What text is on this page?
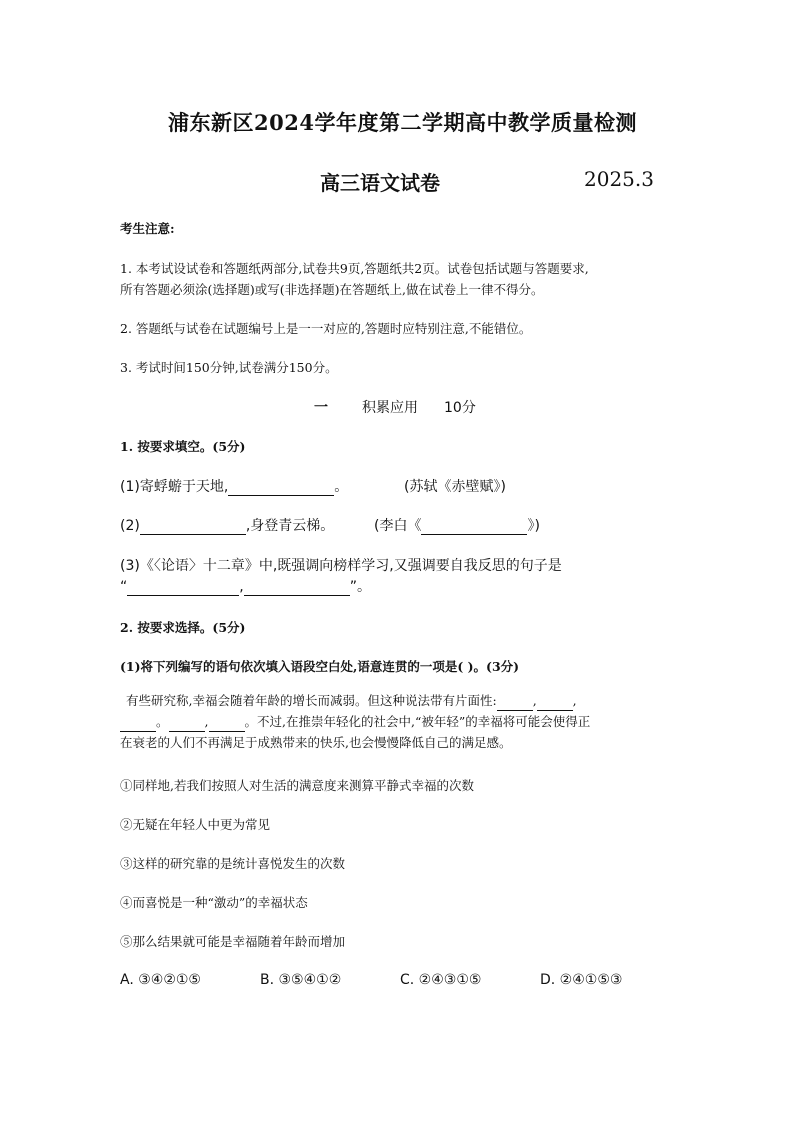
浦东新区2024学年度第二学期高中教学质量检测
高三语文试卷	2025.3
考生注意:
1. 本考试设试卷和答题纸两部分,试卷共9页,答题纸共2页。试卷包括试题与答题要求,
所有答题必须涂(选择题)或写(非选择题)在答题纸上,做在试卷上一律不得分。
2. 答题纸与试卷在试题编号上是一一对应的,答题时应特别注意,不能错位。
3. 考试时间150分钟,试卷满分150分。
一 积累应用 10分
1. 按要求填空。(5分)
(1)寄蜉蝣于天地,	。	(苏轼《赤壁赋》)
(2)	,身登青云梯。	(李白《	》)
(3)《〈论语〉十二章》中,既强调向榜样学习,又强调要自我反思的句子是
“	,	”。
2. 按要求选择。(5分)
(1)将下列编写的语句依次填入语段空白处,语意连贯的一项是( )。(3分)
有些研究称,幸福会随着年龄的增长而减弱。但这种说法带有片面性:	,	,
。	,	。不过,在推崇年轻化的社会中,“被年轻”的幸福将可能会使得正
在衰老的人们不再满足于成熟带来的快乐,也会慢慢降低自己的满足感。
①同样地,若我们按照人对生活的满意度来测算平静式幸福的次数
②无疑在年轻人中更为常见
③这样的研究靠的是统计喜悦发生的次数
④而喜悦是一种“激动”的幸福状态
⑤那么结果就可能是幸福随着年龄而增加
A. ③④②①⑤	B. ③⑤④①②	C. ②④③①⑤	D. ②④①⑤③
